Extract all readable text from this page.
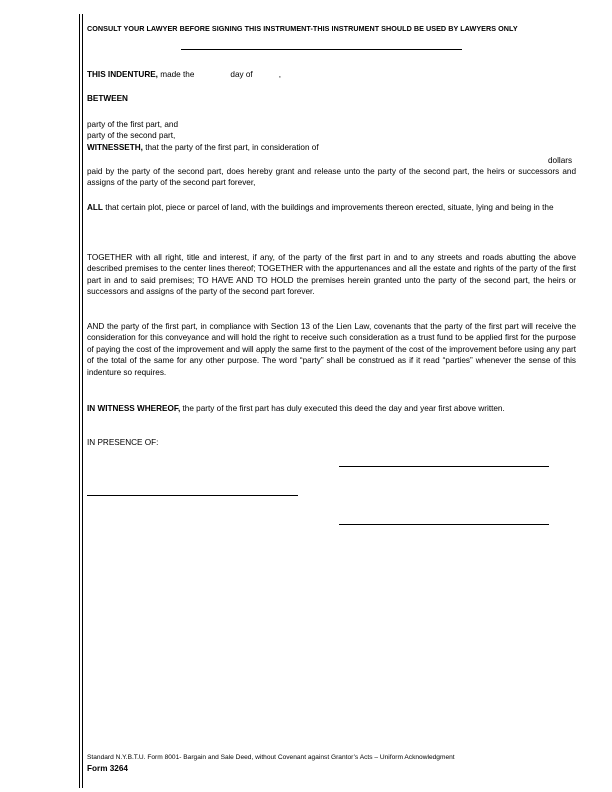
CONSULT YOUR LAWYER BEFORE SIGNING THIS INSTRUMENT-THIS INSTRUMENT SHOULD BE USED BY LAWYERS ONLY
THIS INDENTURE, made the	day of	,
BETWEEN
party of the first part, and
party of the second part,
WITNESSETH, that the party of the first part, in consideration of
dollars
paid by the party of the second part, does hereby grant and release unto the party of the second part, the heirs or successors and assigns of the party of the second part forever,
ALL that certain plot, piece or parcel of land, with the buildings and improvements thereon erected, situate, lying and being in the
TOGETHER with all right, title and interest, if any, of the party of the first part in and to any streets and roads abutting the above described premises to the center lines thereof; TOGETHER with the appurtenances and all the estate and rights of the party of the first part in and to said premises; TO HAVE AND TO HOLD the premises herein granted unto the party of the second part, the heirs or successors and assigns of the party of the second part forever.
AND the party of the first part, in compliance with Section 13 of the Lien Law, covenants that the party of the first part will receive the consideration for this conveyance and will hold the right to receive such consideration as a trust fund to be applied first for the purpose of paying the cost of the improvement and will apply the same first to the payment of the cost of the improvement before using any part of the total of the same for any other purpose. The word “party” shall be construed as if it read “parties” whenever the sense of this indenture so requires.
IN WITNESS WHEREOF, the party of the first part has duly executed this deed the day and year first above written.
IN PRESENCE OF:
Standard N.Y.B.T.U. Form 8001- Bargain and Sale Deed, without Covenant against Grantor’s Acts – Uniform Acknowledgment
Form 3264
